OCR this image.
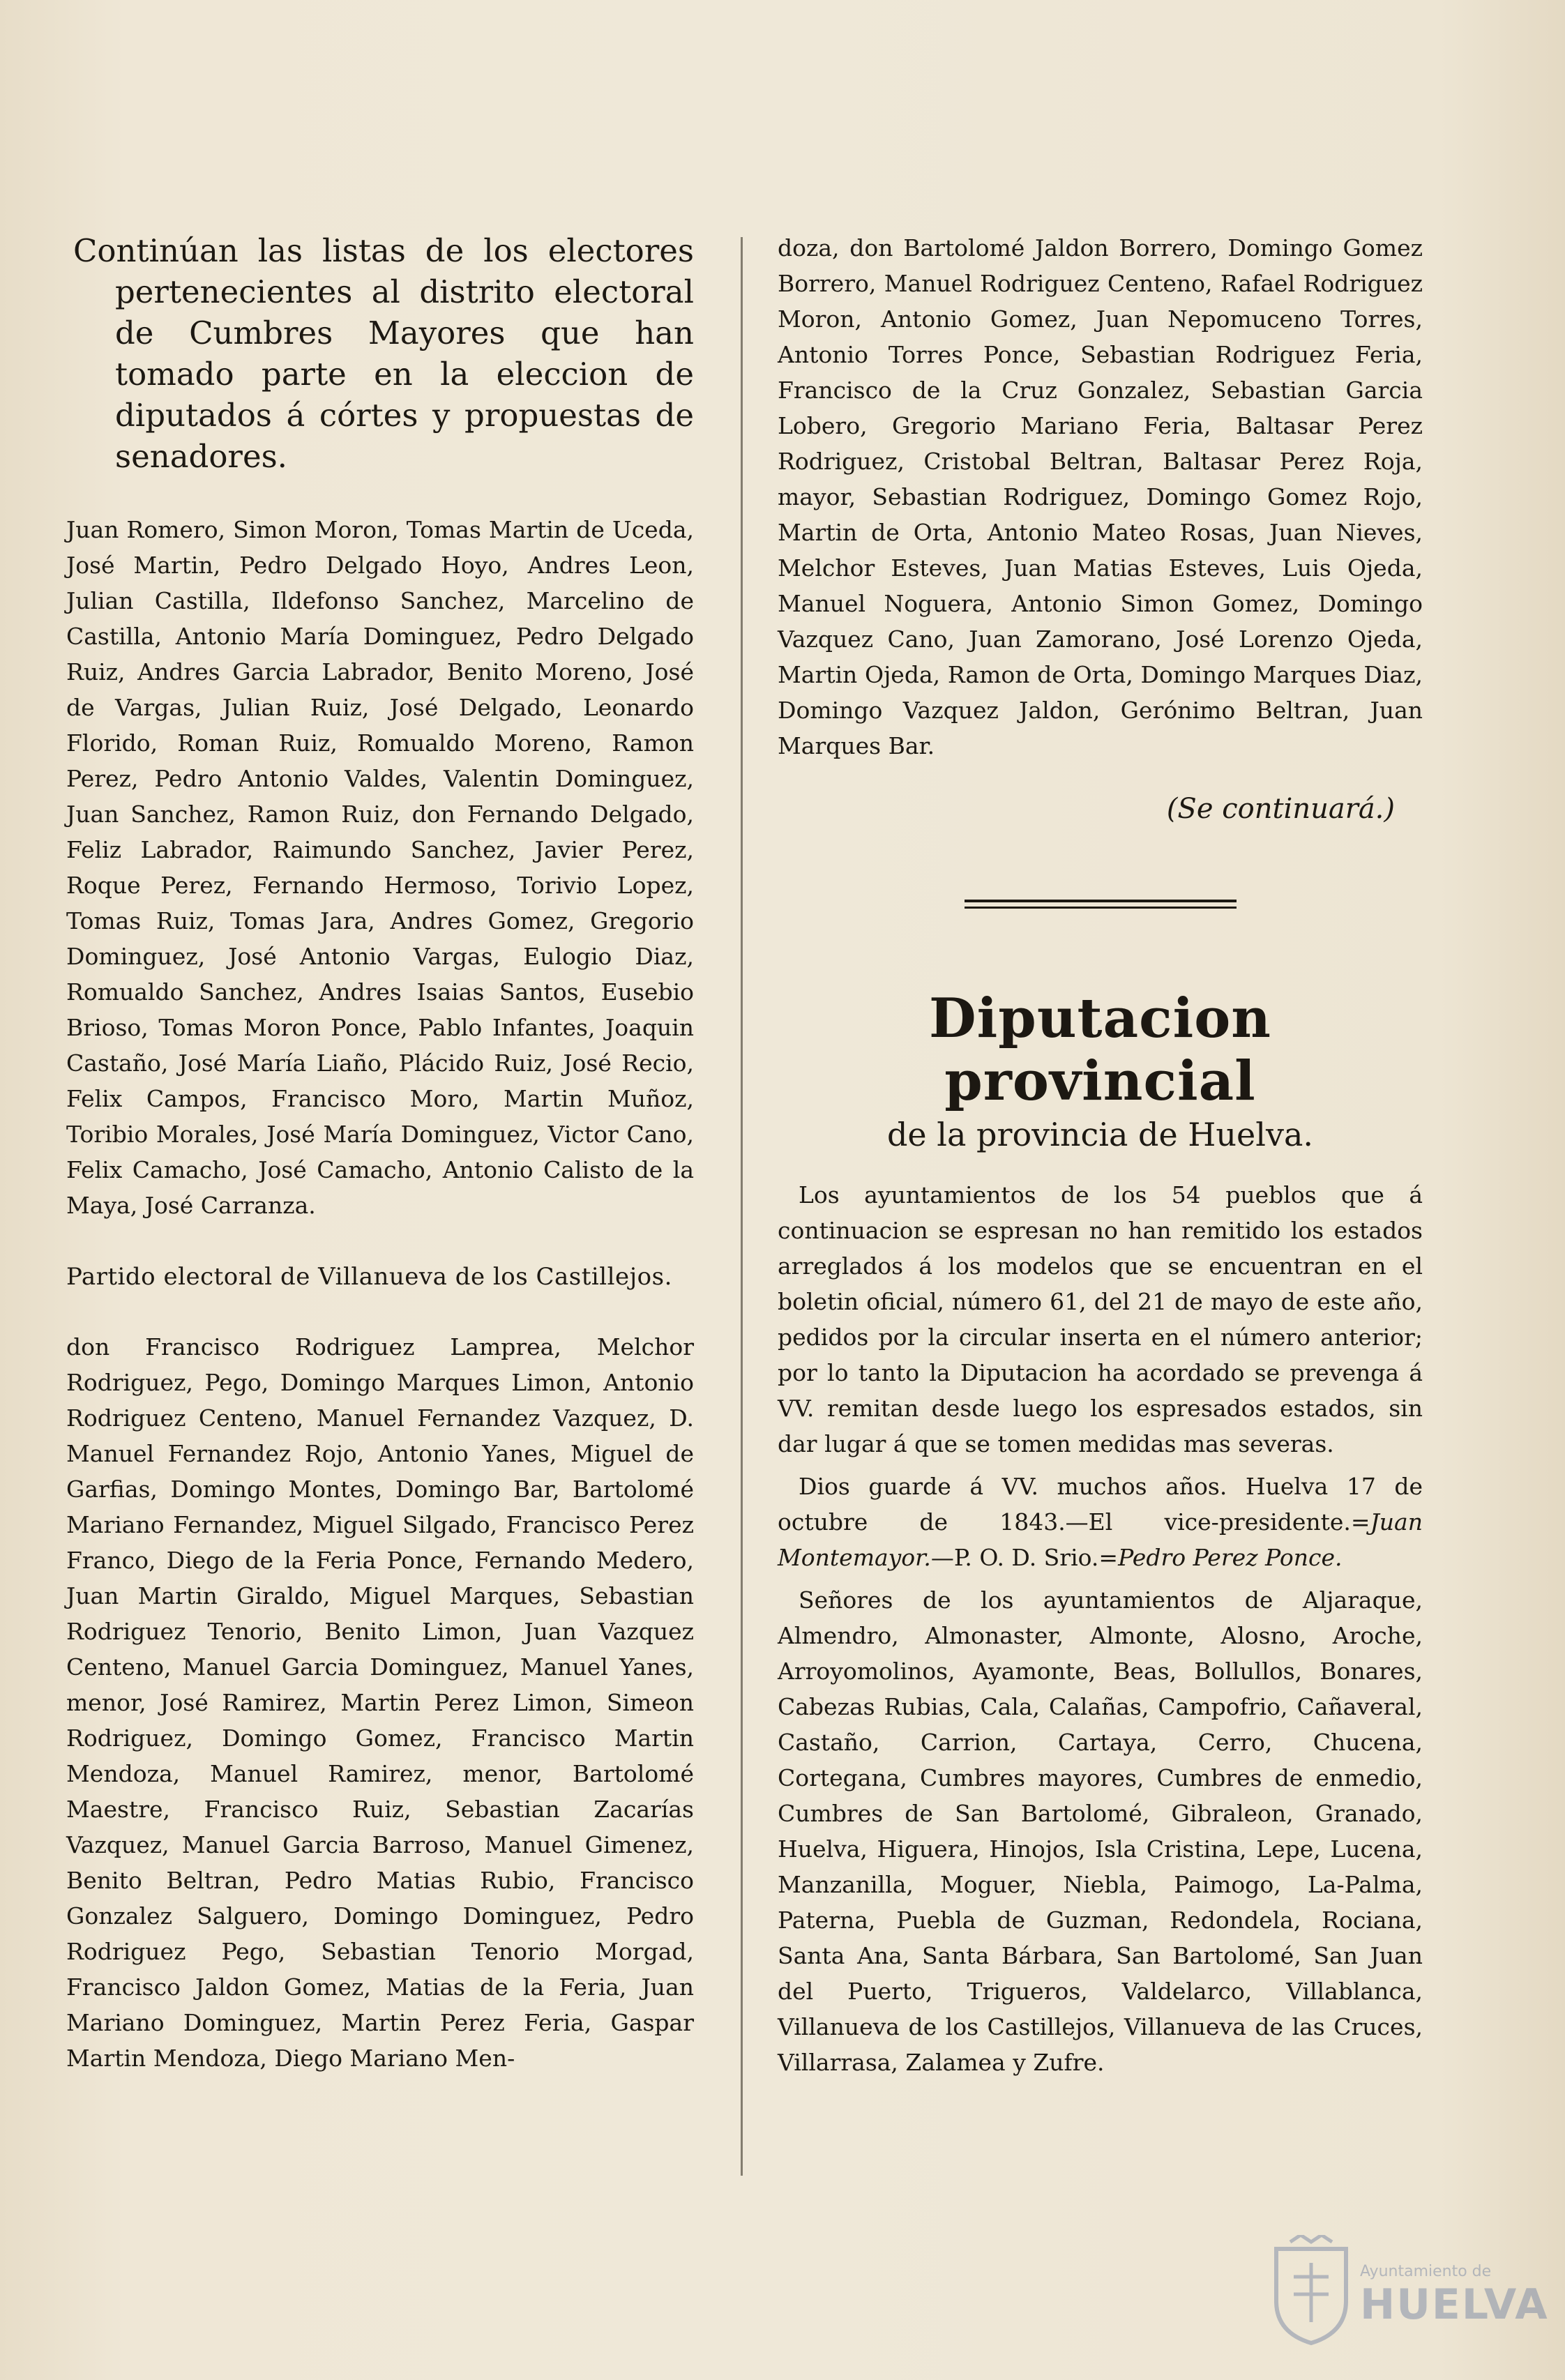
Continúan las listas de los electores pertenecientes al distrito electoral de Cumbres Mayores que han tomado parte en la eleccion de diputados á córtes y propuestas de senadores.

Juan Romero, Simon Moron, Tomas Martin de Uceda, José Martin, Pedro Delgado Hoyo, Andres Leon, Julian Castilla, Ildefonso Sanchez, Marcelino de Castilla, Antonio María Dominguez, Pedro Delgado Ruiz, Andres Garcia Labrador, Benito Moreno, José de Vargas, Julian Ruiz, José Delgado, Leonardo Florido, Roman Ruiz, Romualdo Moreno, Ramon Perez, Pedro Antonio Valdes, Valentin Dominguez, Juan Sanchez, Ramon Ruiz, don Fernando Delgado, Feliz Labrador, Raimundo Sanchez, Javier Perez, Roque Perez, Fernando Hermoso, Torivio Lopez, Tomas Ruiz, Tomas Jara, Andres Gomez, Gregorio Dominguez, José Antonio Vargas, Eulogio Diaz, Romualdo Sanchez, Andres Isaias Santos, Eusebio Brioso, Tomas Moron Ponce, Pablo Infantes, Joaquin Castaño, José María Liaño, Plácido Ruiz, José Recio, Felix Campos, Francisco Moro, Martin Muñoz, Toribio Morales, José María Dominguez, Victor Cano, Felix Camacho, José Camacho, Antonio Calisto de la Maya, José Carranza.

Partido electoral de Villanueva de los Castillejos.

don Francisco Rodriguez Lamprea, Melchor Rodriguez, Pego, Domingo Marques Limon, Antonio Rodriguez Centeno, Manuel Fernandez Vazquez, D. Manuel Fernandez Rojo, Antonio Yanes, Miguel de Garfias, Domingo Montes, Domingo Bar, Bartolomé Mariano Fernandez, Miguel Silgado, Francisco Perez Franco, Diego de la Feria Ponce, Fernando Medero, Juan Martin Giraldo, Miguel Marques, Sebastian Rodriguez Tenorio, Benito Limon, Juan Vazquez Centeno, Manuel Garcia Dominguez, Manuel Yanes, menor, José Ramirez, Martin Perez Limon, Simeon Rodriguez, Domingo Gomez, Francisco Martin Mendoza, Manuel Ramirez, menor, Bartolomé Maestre, Francisco Ruiz, Sebastian Zacarías Vazquez, Manuel Garcia Barroso, Manuel Gimenez, Benito Beltran, Pedro Matias Rubio, Francisco Gonzalez Salguero, Domingo Dominguez, Pedro Rodriguez Pego, Sebastian Tenorio Morgad, Francisco Jaldon Gomez, Matias de la Feria, Juan Mariano Dominguez, Martin Perez Feria, Gaspar Martin Mendoza, Diego Mariano Men-

doza, don Bartolomé Jaldon Borrero, Domingo Gomez Borrero, Manuel Rodriguez Centeno, Rafael Rodriguez Moron, Antonio Gomez, Juan Nepomuceno Torres, Antonio Torres Ponce, Sebastian Rodriguez Feria, Francisco de la Cruz Gonzalez, Sebastian Garcia Lobero, Gregorio Mariano Feria, Baltasar Perez Rodriguez, Cristobal Beltran, Baltasar Perez Roja, mayor, Sebastian Rodriguez, Domingo Gomez Rojo, Martin de Orta, Antonio Mateo Rosas, Juan Nieves, Melchor Esteves, Juan Matias Esteves, Luis Ojeda, Manuel Noguera, Antonio Simon Gomez, Domingo Vazquez Cano, Juan Zamorano, José Lorenzo Ojeda, Martin Ojeda, Ramon de Orta, Domingo Marques Diaz, Domingo Vazquez Jaldon, Gerónimo Beltran, Juan Marques Bar.

(Se continuará.)

Diputacion provincial
de la provincia de Huelva.

Los ayuntamientos de los 54 pueblos que á continuacion se espresan no han remitido los estados arreglados á los modelos que se encuentran en el boletin oficial, número 61, del 21 de mayo de este año, pedidos por la circular inserta en el número anterior; por lo tanto la Diputacion ha acordado se prevenga á VV. remitan desde luego los espresados estados, sin dar lugar á que se tomen medidas mas severas.

Dios guarde á VV. muchos años. Huelva 17 de octubre de 1843.—El vice-presidente.=Juan Montemayor.—P. O. D. Srio.=Pedro Perez Ponce.

Señores de los ayuntamientos de Aljaraque, Almendro, Almonaster, Almonte, Alosno, Aroche, Arroyomolinos, Ayamonte, Beas, Bollullos, Bonares, Cabezas Rubias, Cala, Calañas, Campofrio, Cañaveral, Castaño, Carrion, Cartaya, Cerro, Chucena, Cortegana, Cumbres mayores, Cumbres de enmedio, Cumbres de San Bartolomé, Gibraleon, Granado, Huelva, Higuera, Hinojos, Isla Cristina, Lepe, Lucena, Manzanilla, Moguer, Niebla, Paimogo, La-Palma, Paterna, Puebla de Guzman, Redondela, Rociana, Santa Ana, Santa Bárbara, San Bartolomé, San Juan del Puerto, Trigueros, Valdelarco, Villablanca, Villanueva de los Castillejos, Villanueva de las Cruces, Villarrasa, Zalamea y Zufre.

Ayuntamiento de
HUELVA
